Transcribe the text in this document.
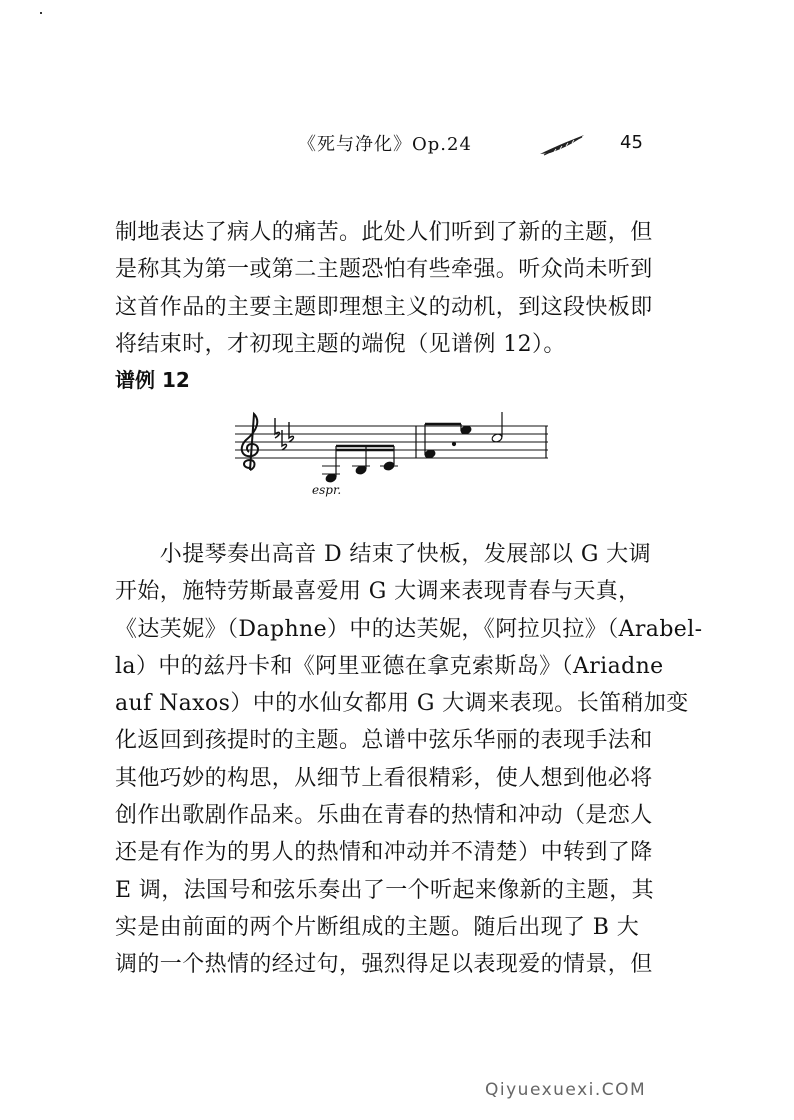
《死与净化》Op.24	45
制地表达了病人的痛苦。此处人们听到了新的主题，但
是称其为第一或第二主题恐怕有些牵强。听众尚未听到
这首作品的主要主题即理想主义的动机，到这段快板即
将结束时，才初现主题的端倪（见谱例 12）。
谱例 12
espr.
　　小提琴奏出高音 D 结束了快板，发展部以 G 大调
开始，施特劳斯最喜爱用 G 大调来表现青春与天真，
《达芙妮》（Daphne）中的达芙妮，《阿拉贝拉》（Arabel-
la）中的兹丹卡和《阿里亚德在拿克索斯岛》（Ariadne
auf Naxos）中的水仙女都用 G 大调来表现。长笛稍加变
化返回到孩提时的主题。总谱中弦乐华丽的表现手法和
其他巧妙的构思，从细节上看很精彩，使人想到他必将
创作出歌剧作品来。乐曲在青春的热情和冲动（是恋人
还是有作为的男人的热情和冲动并不清楚）中转到了降
E 调，法国号和弦乐奏出了一个听起来像新的主题，其
实是由前面的两个片断组成的主题。随后出现了 B 大
调的一个热情的经过句，强烈得足以表现爱的情景，但
Qiyuexuexi.COM
